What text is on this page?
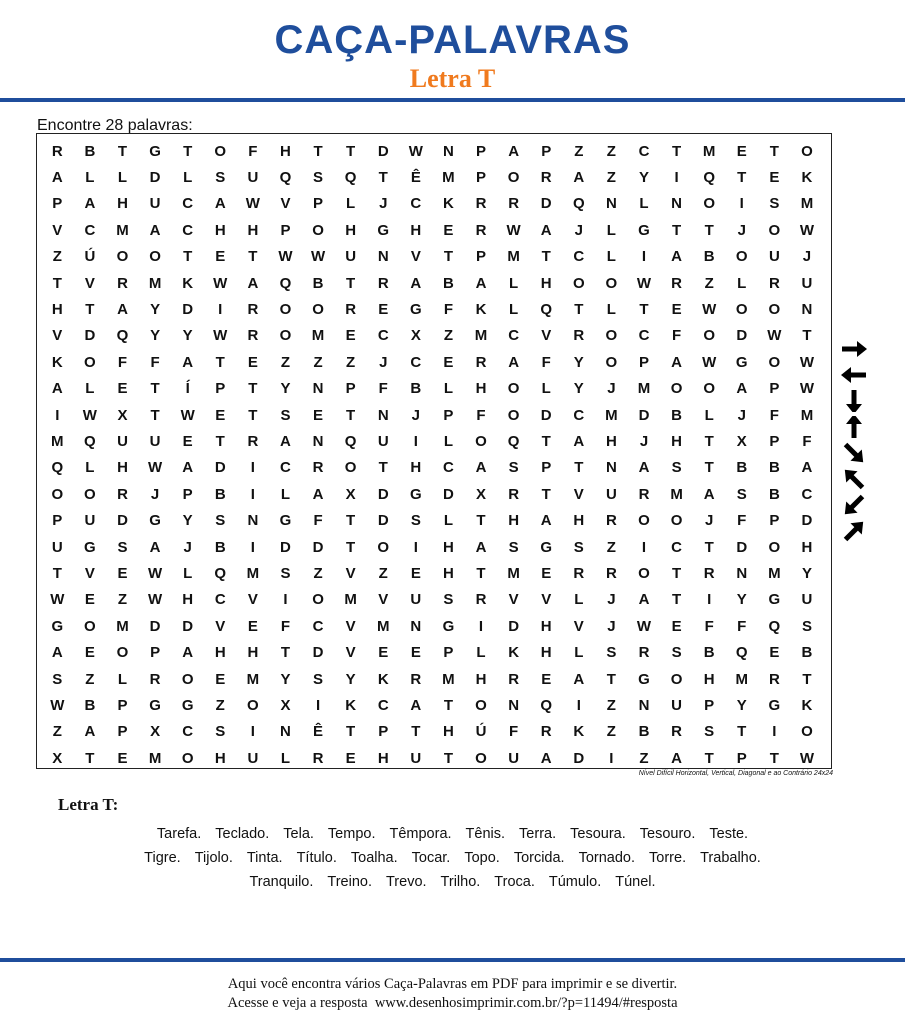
CAÇA-PALAVRAS
Letra T
Encontre 28 palavras:
R	B	T	G	T	O	F	H	T	T	D	W	N	P	A	P	Z	Z	C	T	M	E	T	O
A	L	L	D	L	S	U	Q	S	Q	T	Ê	M	P	O	R	A	Z	Y	I	Q	T	E	K
P	A	H	U	C	A	W	V	P	L	J	C	K	R	R	D	Q	N	L	N	O	I	S	M
V	C	M	A	C	H	H	P	O	H	G	H	E	R	W	A	J	L	G	T	T	J	O	W
Z	Ú	O	O	T	E	T	W	W	U	N	V	T	P	M	T	C	L	I	A	B	O	U	J
T	V	R	M	K	W	A	Q	B	T	R	A	B	A	L	H	O	O	W	R	Z	L	R	U
H	T	A	Y	D	I	R	O	O	R	E	G	F	K	L	Q	T	L	T	E	W	O	O	N
V	D	Q	Y	Y	W	R	O	M	E	C	X	Z	M	C	V	R	O	C	F	O	D	W	T
K	O	F	F	A	T	E	Z	Z	Z	J	C	E	R	A	F	Y	O	P	A	W	G	O	W
A	L	E	T	Í	P	T	Y	N	P	F	B	L	H	O	L	Y	J	M	O	O	A	P	W
I	W	X	T	W	E	T	S	E	T	N	J	P	F	O	D	C	M	D	B	L	J	F	M
M	Q	U	U	E	T	R	A	N	Q	U	I	L	O	Q	T	A	H	J	H	T	X	P	F
Q	L	H	W	A	D	I	C	R	O	T	H	C	A	S	P	T	N	A	S	T	B	B	A
O	O	R	J	P	B	I	L	A	X	D	G	D	X	R	T	V	U	R	M	A	S	B	C
P	U	D	G	Y	S	N	G	F	T	D	S	L	T	H	A	H	R	O	O	J	F	P	D
U	G	S	A	J	B	I	D	D	T	O	I	H	A	S	G	S	Z	I	C	T	D	O	H
T	V	E	W	L	Q	M	S	Z	V	Z	E	H	T	M	E	R	R	O	T	R	N	M	Y
W	E	Z	W	H	C	V	I	O	M	V	U	S	R	V	V	L	J	A	T	I	Y	G	U
G	O	M	D	D	V	E	F	C	V	M	N	G	I	D	H	V	J	W	E	F	F	Q	S
A	E	O	P	A	H	H	T	D	V	E	E	P	L	K	H	L	S	R	S	B	Q	E	B
S	Z	L	R	O	E	M	Y	S	Y	K	R	M	H	R	E	A	T	G	O	H	M	R	T
W	B	P	G	G	Z	O	X	I	K	C	A	T	O	N	Q	I	Z	N	U	P	Y	G	K
Z	A	P	X	C	S	I	N	Ê	T	P	T	H	Ú	F	R	K	Z	B	R	S	T	I	O
X	T	E	M	O	H	U	L	R	E	H	U	T	O	U	A	D	I	Z	A	T	P	T	W
Nível Difícil Horizontal, Vertical, Diagonal e ao Contrário 24x24
Letra T:
Tarefa. Teclado. Tela. Tempo. Têmpora. Tênis. Terra. Tesoura. Tesouro. Teste.
Tigre. Tijolo. Tinta. Título. Toalha. Tocar. Topo. Torcida. Tornado. Torre. Trabalho.
Tranquilo. Treino. Trevo. Trilho. Troca. Túmulo. Túnel.
Aqui você encontra vários Caça-Palavras em PDF para imprimir e se divertir.
Acesse e veja a resposta  www.desenhosimprimir.com.br/?p=11494/#resposta
